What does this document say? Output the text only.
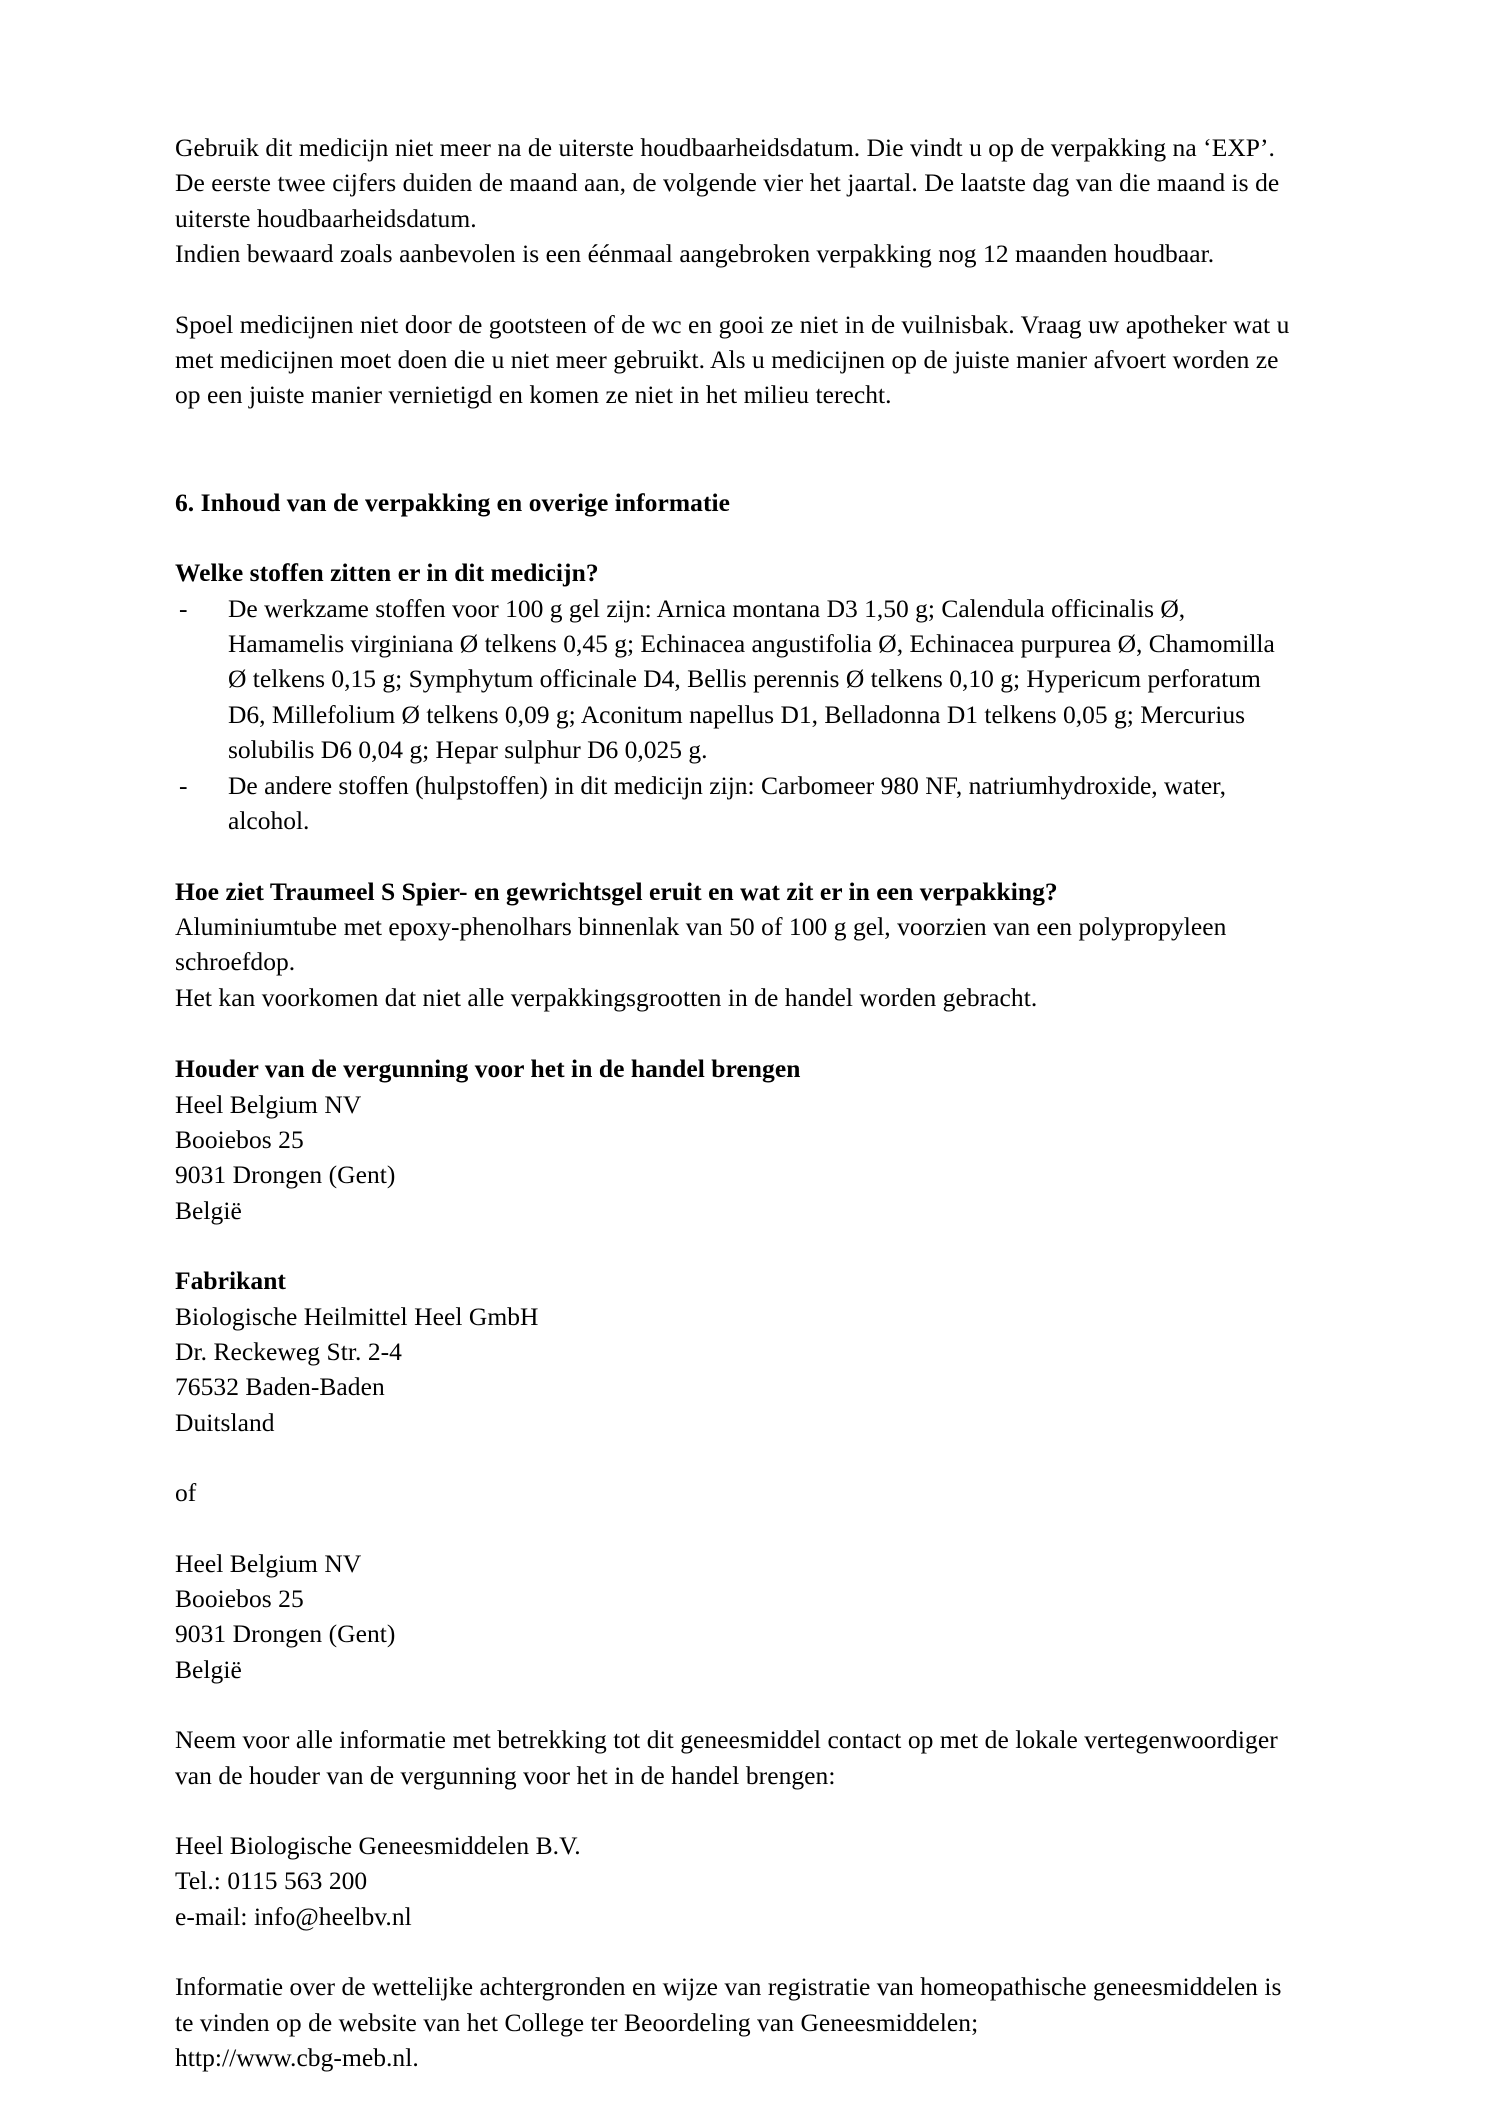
Gebruik dit medicijn niet meer na de uiterste houdbaarheidsdatum. Die vindt u op de verpakking na ‘EXP’. De eerste twee cijfers duiden de maand aan, de volgende vier het jaartal. De laatste dag van die maand is de uiterste houdbaarheidsdatum.

Indien bewaard zoals aanbevolen is een éénmaal aangebroken verpakking nog 12 maanden houdbaar.

Spoel medicijnen niet door de gootsteen of de wc en gooi ze niet in de vuilnisbak. Vraag uw apotheker wat u met medicijnen moet doen die u niet meer gebruikt. Als u medicijnen op de juiste manier afvoert worden ze op een juiste manier vernietigd en komen ze niet in het milieu terecht.

6. Inhoud van de verpakking en overige informatie

Welke stoffen zitten er in dit medicijn?

-	De werkzame stoffen voor 100 g gel zijn: Arnica montana D3 1,50 g; Calendula officinalis Ø, Hamamelis virginiana Ø telkens 0,45 g; Echinacea angustifolia Ø, Echinacea purpurea Ø, Chamomilla Ø telkens 0,15 g; Symphytum officinale D4, Bellis perennis Ø telkens 0,10 g; Hypericum perforatum D6, Millefolium Ø telkens 0,09 g; Aconitum napellus D1, Belladonna D1 telkens 0,05 g; Mercurius solubilis D6 0,04 g; Hepar sulphur D6 0,025 g.
-	De andere stoffen (hulpstoffen) in dit medicijn zijn: Carbomeer 980 NF, natriumhydroxide, water, alcohol.

Hoe ziet Traumeel S Spier- en gewrichtsgel eruit en wat zit er in een verpakking?

Aluminiumtube met epoxy-phenolhars binnenlak van 50 of 100 g gel, voorzien van een polypropyleen schroefdop.

Het kan voorkomen dat niet alle verpakkingsgrootten in de handel worden gebracht.

Houder van de vergunning voor het in de handel brengen

Heel Belgium NV

Booiebos 25

9031 Drongen (Gent)

België

Fabrikant

Biologische Heilmittel Heel GmbH

Dr. Reckeweg Str. 2-4

76532 Baden-Baden

Duitsland

of

Heel Belgium NV

Booiebos 25

9031 Drongen (Gent)

België

Neem voor alle informatie met betrekking tot dit geneesmiddel contact op met de lokale vertegenwoordiger van de houder van de vergunning voor het in de handel brengen:

Heel Biologische Geneesmiddelen B.V.

Tel.: 0115 563 200

e-mail: info@heelbv.nl

Informatie over de wettelijke achtergronden en wijze van registratie van homeopathische geneesmiddelen is te vinden op de website van het College ter Beoordeling van Geneesmiddelen;

http://www.cbg-meb.nl.
